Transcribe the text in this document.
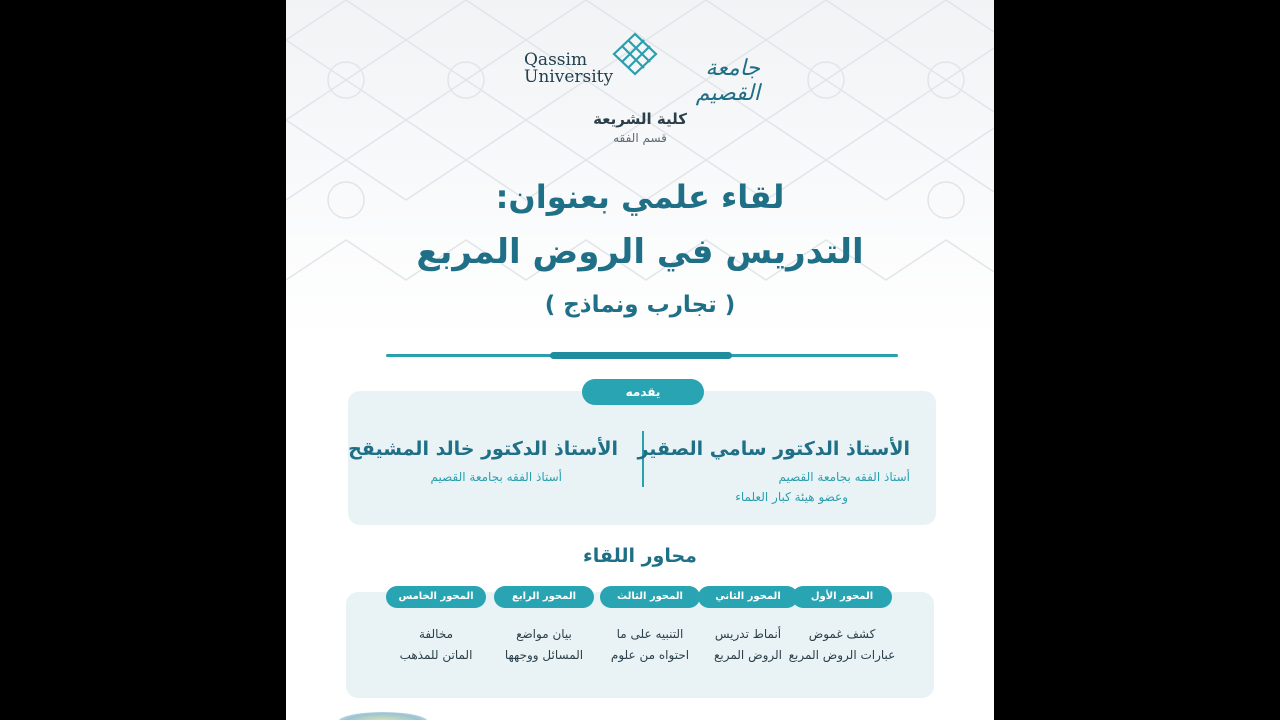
Qassim
University	جامعة القصيم
كلية الشريعة
قسم الفقه
لقاء علمي بعنوان:
التدريس في الروض المربع
( تجارب ونماذج )
يقدمه
الأستاذ الدكتور سامي الصقير
أستاذ الفقه بجامعة القصيم
وعضو هيئة كبار العلماء
الأستاذ الدكتور خالد المشيقح
أستاذ الفقه بجامعة القصيم
محاور اللقاء
المحور الأول
كشف غموض
عبارات الروض المربع
المحور الثاني
أنماط تدريس
الروض المربع
المحور الثالث
التنبيه على ما
احتواه من علوم
المحور الرابع
بيان مواضع
المسائل ووجهها
المحور الخامس
مخالفة
الماتن للمذهب
